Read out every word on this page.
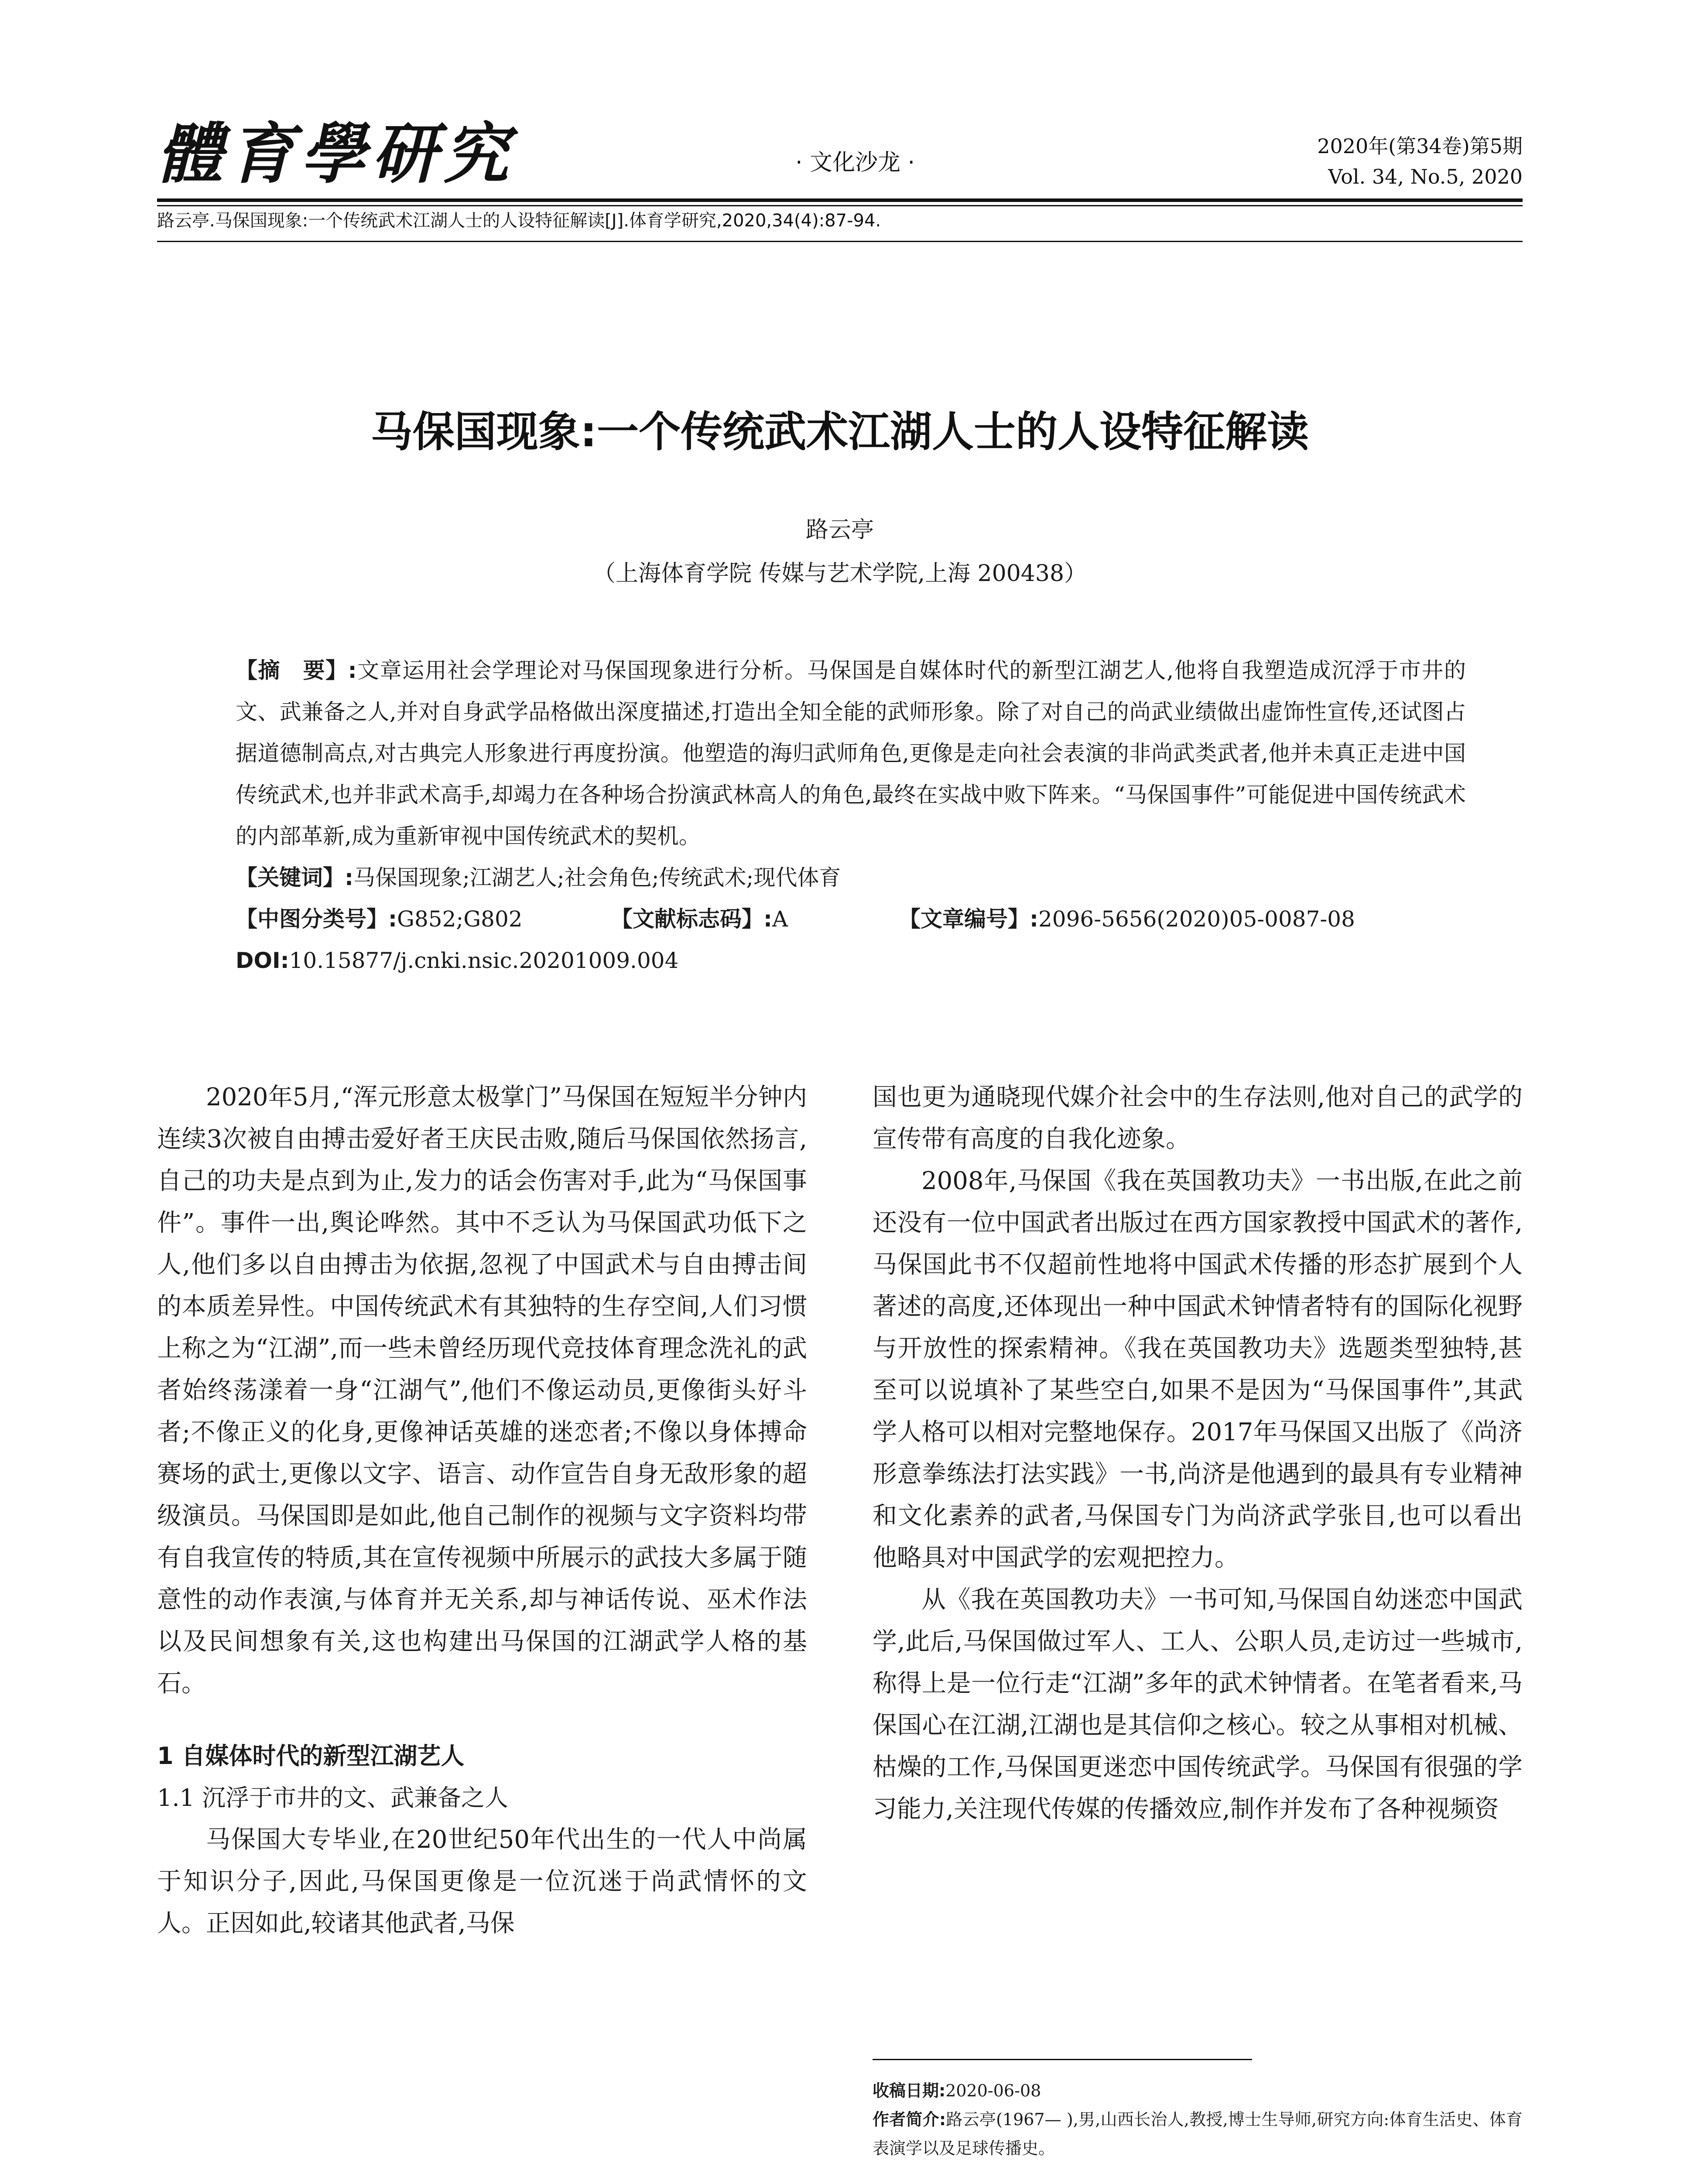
體育學研究	· 文化沙龙 ·
2020年(第34卷)第5期
Vol. 34, No.5, 2020
路云亭.马保国现象:一个传统武术江湖人士的人设特征解读[J].体育学研究,2020,34(4):87-94.
马保国现象:一个传统武术江湖人士的人设特征解读
路云亭
（上海体育学院 传媒与艺术学院,上海 200438）

【摘　要】:文章运用社会学理论对马保国现象进行分析。马保国是自媒体时代的新型江湖艺人,他将自我塑造成沉浮于市井的文、武兼备之人,并对自身武学品格做出深度描述,打造出全知全能的武师形象。除了对自己的尚武业绩做出虚饰性宣传,还试图占据道德制高点,对古典完人形象进行再度扮演。他塑造的海归武师角色,更像是走向社会表演的非尚武类武者,他并未真正走进中国传统武术,也并非武术高手,却竭力在各种场合扮演武林高人的角色,最终在实战中败下阵来。“马保国事件”可能促进中国传统武术的内部革新,成为重新审视中国传统武术的契机。

【关键词】:马保国现象;江湖艺人;社会角色;传统武术;现代体育
【中图分类号】:G852;G802	【文献标志码】:A	【文章编号】:2096-5656(2020)05-0087-08
DOI:10.15877/j.cnki.nsic.20201009.004

2020年5月,“浑元形意太极掌门”马保国在短短半分钟内连续3次被自由搏击爱好者王庆民击败,随后马保国依然扬言,自己的功夫是点到为止,发力的话会伤害对手,此为“马保国事件”。事件一出,舆论哗然。其中不乏认为马保国武功低下之人,他们多以自由搏击为依据,忽视了中国武术与自由搏击间的本质差异性。中国传统武术有其独特的生存空间,人们习惯上称之为“江湖”,而一些未曾经历现代竞技体育理念洗礼的武者始终荡漾着一身“江湖气”,他们不像运动员,更像街头好斗者;不像正义的化身,更像神话英雄的迷恋者;不像以身体搏命赛场的武士,更像以文字、语言、动作宣告自身无敌形象的超级演员。马保国即是如此,他自己制作的视频与文字资料均带有自我宣传的特质,其在宣传视频中所展示的武技大多属于随意性的动作表演,与体育并无关系,却与神话传说、巫术作法以及民间想象有关,这也构建出马保国的江湖武学人格的基石。

1 自媒体时代的新型江湖艺人

1.1 沉浮于市井的文、武兼备之人

马保国大专毕业,在20世纪50年代出生的一代人中尚属于知识分子,因此,马保国更像是一位沉迷于尚武情怀的文人。正因如此,较诸其他武者,马保

国也更为通晓现代媒介社会中的生存法则,他对自己的武学的宣传带有高度的自我化迹象。

2008年,马保国《我在英国教功夫》一书出版,在此之前还没有一位中国武者出版过在西方国家教授中国武术的著作,马保国此书不仅超前性地将中国武术传播的形态扩展到个人著述的高度,还体现出一种中国武术钟情者特有的国际化视野与开放性的探索精神。《我在英国教功夫》选题类型独特,甚至可以说填补了某些空白,如果不是因为“马保国事件”,其武学人格可以相对完整地保存。2017年马保国又出版了《尚济形意拳练法打法实践》一书,尚济是他遇到的最具有专业精神和文化素养的武者,马保国专门为尚济武学张目,也可以看出他略具对中国武学的宏观把控力。

从《我在英国教功夫》一书可知,马保国自幼迷恋中国武学,此后,马保国做过军人、工人、公职人员,走访过一些城市,称得上是一位行走“江湖”多年的武术钟情者。在笔者看来,马保国心在江湖,江湖也是其信仰之核心。较之从事相对机械、枯燥的工作,马保国更迷恋中国传统武学。马保国有很强的学习能力,关注现代传媒的传播效应,制作并发布了各种视频资

收稿日期:2020-06-08

作者简介:路云亭(1967— ),男,山西长治人,教授,博士生导师,研究方向:体育生活史、体育表演学以及足球传播史。
